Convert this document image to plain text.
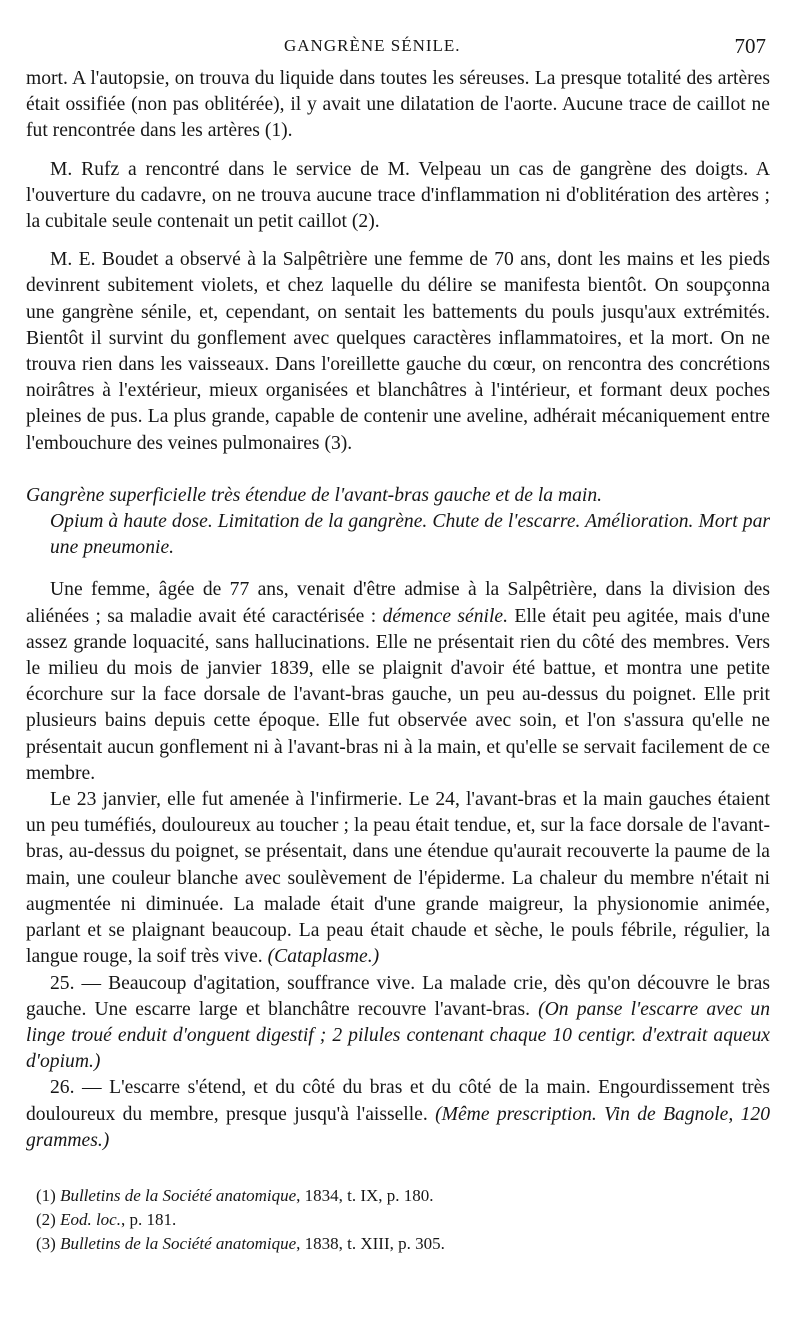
GANGRÈNE SÉNILE.	707

mort. A l'autopsie, on trouva du liquide dans toutes les séreuses. La presque totalité des artères était ossifiée (non pas oblitérée), il y avait une dilatation de l'aorte. Aucune trace de caillot ne fut rencontrée dans les artères (1).

M. Rufz a rencontré dans le service de M. Velpeau un cas de gangrène des doigts. A l'ouverture du cadavre, on ne trouva aucune trace d'inflammation ni d'oblitération des artères ; la cubitale seule contenait un petit caillot (2).

M. E. Boudet a observé à la Salpêtrière une femme de 70 ans, dont les mains et les pieds devinrent subitement violets, et chez laquelle du délire se manifesta bientôt. On soupçonna une gangrène sénile, et, cependant, on sentait les battements du pouls jusqu'aux extrémités. Bientôt il survint du gonflement avec quelques caractères inflammatoires, et la mort. On ne trouva rien dans les vaisseaux. Dans l'oreillette gauche du cœur, on rencontra des concrétions noirâtres à l'extérieur, mieux organisées et blanchâtres à l'intérieur, et formant deux poches pleines de pus. La plus grande, capable de contenir une aveline, adhérait mécaniquement entre l'embouchure des veines pulmonaires (3).

Gangrène superficielle très étendue de l'avant-bras gauche et de la main.
Opium à haute dose. Limitation de la gangrène. Chute de l'escarre. Amélioration. Mort par une pneumonie.

Une femme, âgée de 77 ans, venait d'être admise à la Salpêtrière, dans la division des aliénées ; sa maladie avait été caractérisée : démence sénile. Elle était peu agitée, mais d'une assez grande loquacité, sans hallucinations. Elle ne présentait rien du côté des membres. Vers le milieu du mois de janvier 1839, elle se plaignit d'avoir été battue, et montra une petite écorchure sur la face dorsale de l'avant-bras gauche, un peu au-dessus du poignet. Elle prit plusieurs bains depuis cette époque. Elle fut observée avec soin, et l'on s'assura qu'elle ne présentait aucun gonflement ni à l'avant-bras ni à la main, et qu'elle se servait facilement de ce membre.

Le 23 janvier, elle fut amenée à l'infirmerie. Le 24, l'avant-bras et la main gauches étaient un peu tuméfiés, douloureux au toucher ; la peau était tendue, et, sur la face dorsale de l'avant-bras, au-dessus du poignet, se présentait, dans une étendue qu'aurait recouverte la paume de la main, une couleur blanche avec soulèvement de l'épiderme. La chaleur du membre n'était ni augmentée ni diminuée. La malade était d'une grande maigreur, la physionomie animée, parlant et se plaignant beaucoup. La peau était chaude et sèche, le pouls fébrile, régulier, la langue rouge, la soif très vive. (Cataplasme.)

25. — Beaucoup d'agitation, souffrance vive. La malade crie, dès qu'on découvre le bras gauche. Une escarre large et blanchâtre recouvre l'avant-bras. (On panse l'escarre avec un linge troué enduit d'onguent digestif ; 2 pilules contenant chaque 10 centigr. d'extrait aqueux d'opium.)

26. — L'escarre s'étend, et du côté du bras et du côté de la main. Engourdissement très douloureux du membre, presque jusqu'à l'aisselle. (Même prescription. Vin de Bagnole, 120 grammes.)

(1) Bulletins de la Société anatomique, 1834, t. IX, p. 180.
(2) Eod. loc., p. 181.
(3) Bulletins de la Société anatomique, 1838, t. XIII, p. 305.
